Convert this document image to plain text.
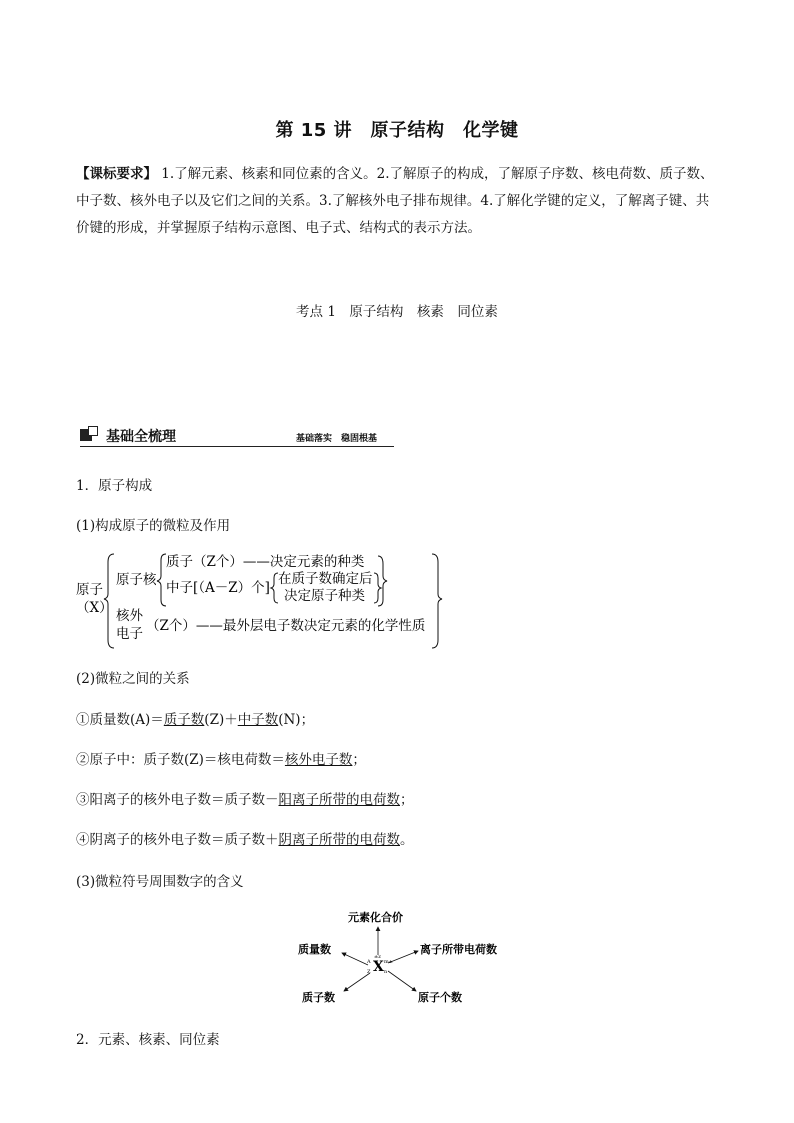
第 15 讲　原子结构　化学键
【课标要求】 1.了解元素、核素和同位素的含义。2.了解原子的构成，了解原子序数、核电荷数、质子数、中子数、核外电子以及它们之间的关系。3.了解核外电子排布规律。4.了解化学键的定义，了解离子键、共价键的形成，并掌握原子结构示意图、电子式、结构式的表示方法。
考点 1　原子结构　核素　同位素
基础全梳理	基础落实　稳固根基
1．原子构成
(1)构成原子的微粒及作用
原子
（X）
原子核
质子（Z个）——决定元素的种类
中子[（A－Z）个]
在质子数确定后
决定原子种类
核外
电子 （Z个）——最外层电子数决定元素的化学性质
(2)微粒之间的关系
①质量数(A)＝质子数(Z)＋中子数(N)；
②原子中：质子数(Z)＝核电荷数＝核外电子数；
③阳离子的核外电子数＝质子数－阳离子所带的电荷数；
④阴离子的核外电子数＝质子数＋阴离子所带的电荷数。
(3)微粒符号周围数字的含义
元素化合价
质量数	离子所带电荷数
质子数	原子个数
X
A
Z
±z
m±
n
2．元素、核素、同位素
